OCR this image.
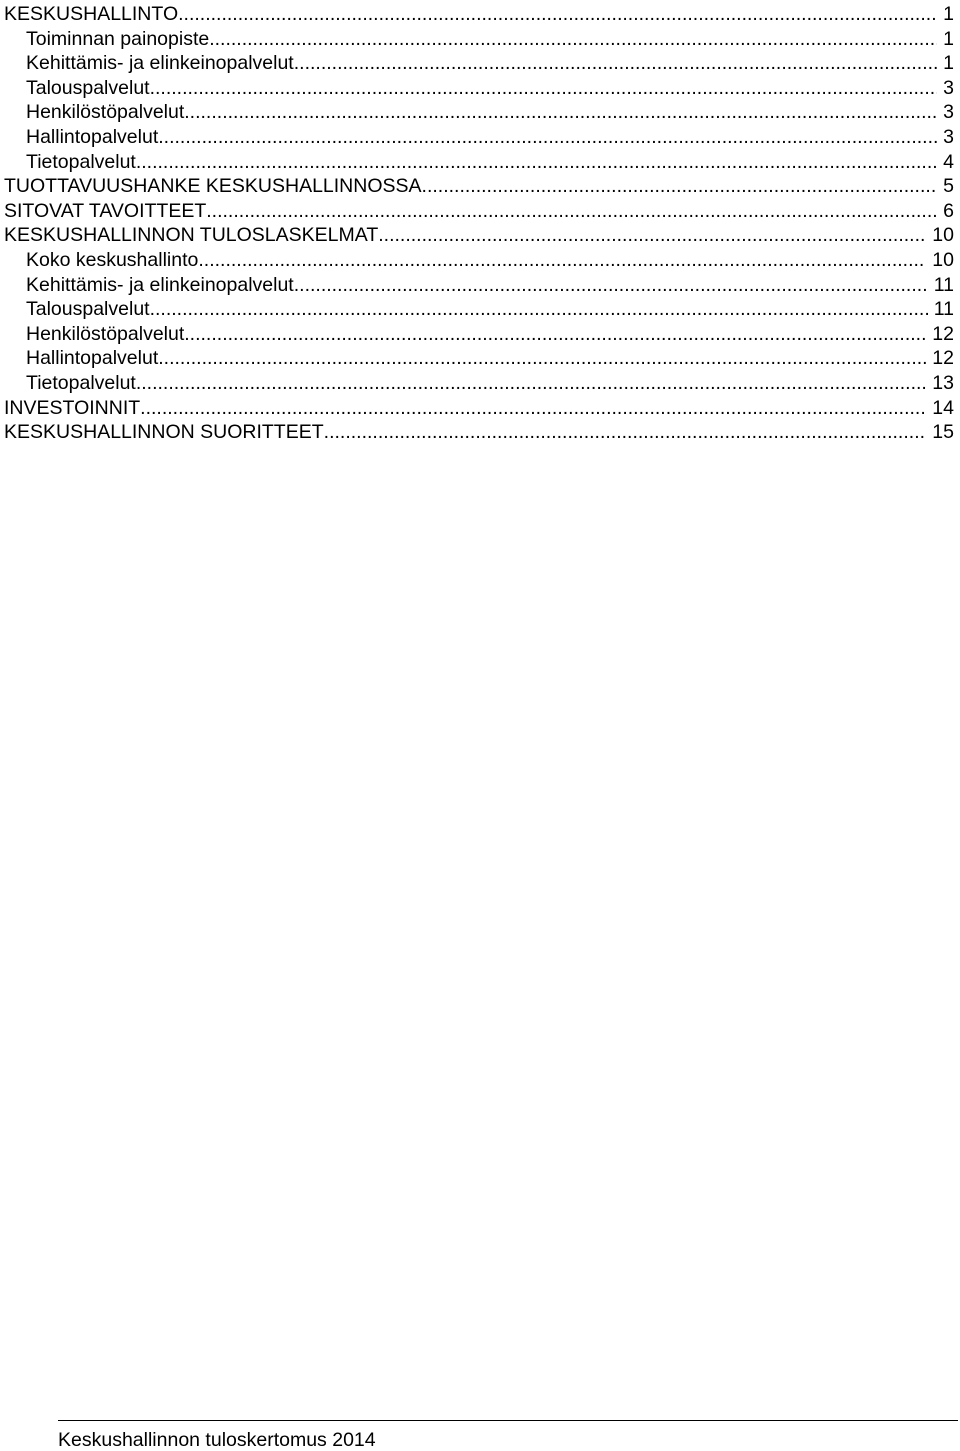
KESKUSHALLINTO .....	1
Toiminnan painopiste .....	1
Kehittämis- ja elinkeinopalvelut .....	1
Talouspalvelut .....	3
Henkilöstöpalvelut .....	3
Hallintopalvelut .....	3
Tietopalvelut .....	4
TUOTTAVUUSHANKE KESKUSHALLINNOSSA .....	5
SITOVAT TAVOITTEET .....	6
KESKUSHALLINNON TULOSLASKELMAT .....	10
Koko keskushallinto .....	10
Kehittämis- ja elinkeinopalvelut .....	11
Talouspalvelut .....	11
Henkilöstöpalvelut .....	12
Hallintopalvelut .....	12
Tietopalvelut .....	13
INVESTOINNIT .....	14
KESKUSHALLINNON SUORITTEET .....	15
Keskushallinnon tuloskertomus 2014
